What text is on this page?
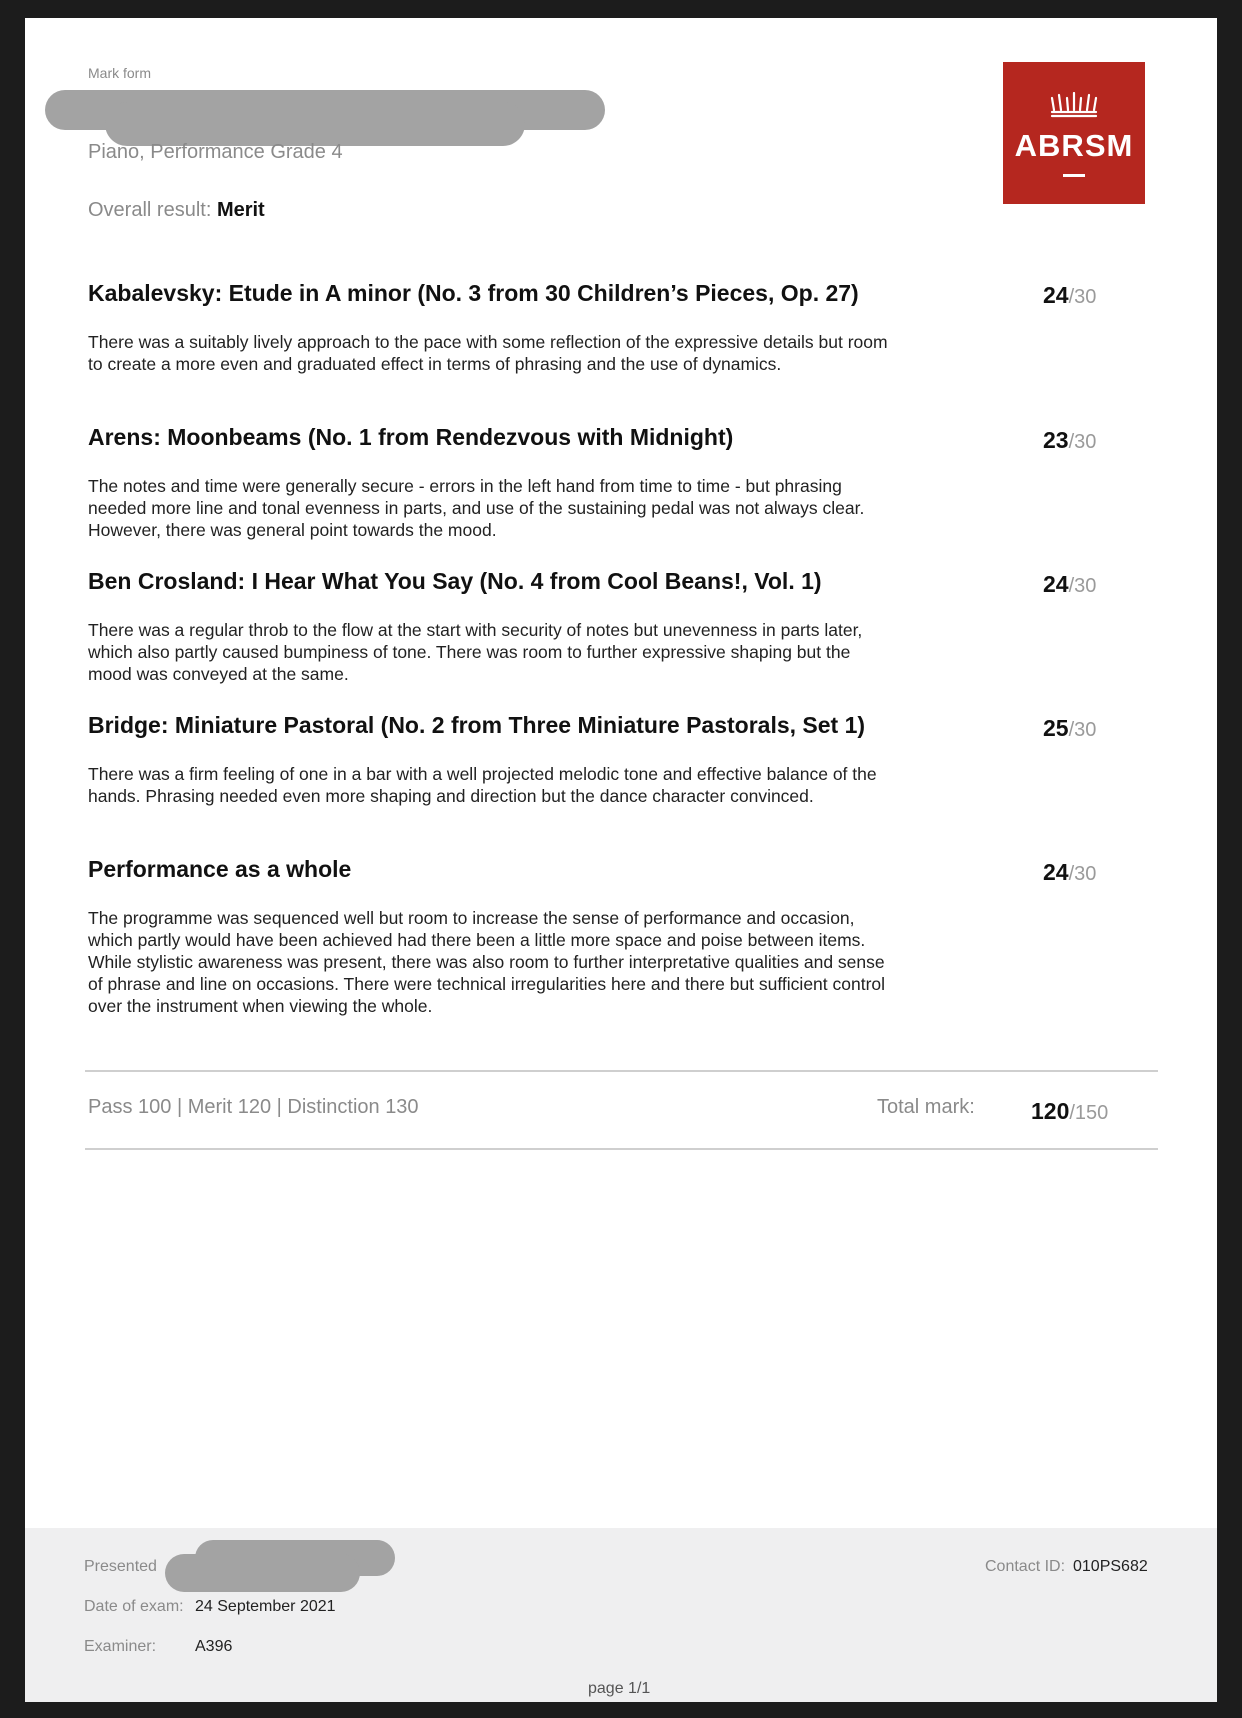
Mark form
Piano, Performance Grade 4
Overall result: Merit
ABRSM
Kabalevsky: Etude in A minor (No. 3 from 30 Children’s Pieces, Op. 27)	24/30
There was a suitably lively approach to the pace with some reflection of the expressive details but room to create a more even and graduated effect in terms of phrasing and the use of dynamics.
Arens: Moonbeams (No. 1 from Rendezvous with Midnight)	23/30
The notes and time were generally secure - errors in the left hand from time to time - but phrasing needed more line and tonal evenness in parts, and use of the sustaining pedal was not always clear. However, there was general point towards the mood.
Ben Crosland: I Hear What You Say (No. 4 from Cool Beans!, Vol. 1)	24/30
There was a regular throb to the flow at the start with security of notes but unevenness in parts later, which also partly caused bumpiness of tone. There was room to further expressive shaping but the mood was conveyed at the same.
Bridge: Miniature Pastoral (No. 2 from Three Miniature Pastorals, Set 1)	25/30
There was a firm feeling of one in a bar with a well projected melodic tone and effective balance of the hands. Phrasing needed even more shaping and direction but the dance character convinced.
Performance as a whole	24/30
The programme was sequenced well but room to increase the sense of performance and occasion, which partly would have been achieved had there been a little more space and poise between items. While stylistic awareness was present, there was also room to further interpretative qualities and sense of phrase and line on occasions. There were technical irregularities here and there but sufficient control over the instrument when viewing the whole.
Pass 100 | Merit 120 | Distinction 130	Total mark: 120/150
Presented	Contact ID: 010PS682
Date of exam: 24 September 2021
Examiner: A396
page 1/1
